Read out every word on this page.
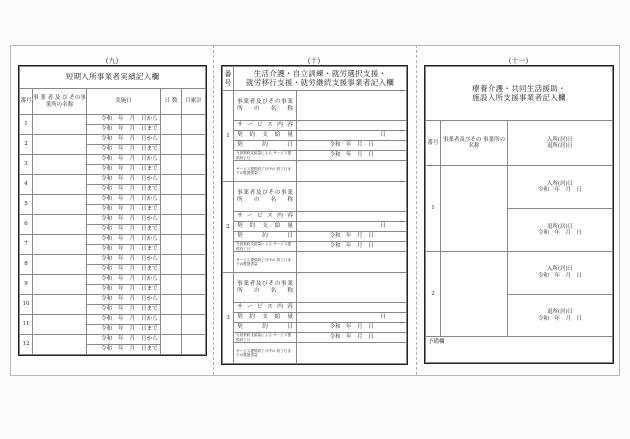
(九)
短期入所事業者実績記入欄				
番号	事 業 者 及 び その事業所の名称	実施日	日 数	月累計
1		令和　年　月　日から		
		令和　年　月　日まで		
2		令和　年　月　日から		
		令和　年　月　日まで		
3		令和　年　月　日から		
		令和　年　月　日まで		
4		令和　年　月　日から		
		令和　年　月　日まで		
5		令和　年　月　日から		
		令和　年　月　日まで		
6		令和　年　月　日から		
		令和　年　月　日まで		
7		令和　年　月　日から		
		令和　年　月　日まで		
8		令和　年　月　日から		
		令和　年　月　日まで		
9		令和　年　月　日から		
		令和　年　月　日まで		
10		令和　年　月　日から		
		令和　年　月　日まで		
11		令和　年　月　日から		
		令和　年　月　日まで		
12		令和　年　月　日から		
		令和　年　月　日まで		
(十)
番号	生活介護・自立訓練・就労選択支援・
就労移行支援・就労継続支援事業者記入欄	

1	事業者及びその事業所の名称	
	サービス内容	
	契約支給量	日
	契約日	令和　年　月　日
	当該契約支給量による サービス提供終了日	令和　年　月　日
	サービス提供終了月中の 終了日までの既提供量	
2	事業者及びその事業所の名称	
	サービス内容	
	契約支給量	日
	契約日	令和　年　月　日
	当該契約支給量による サービス提供終了日	令和　年　月　日
	サービス提供終了月中の 終了日までの既提供量	
3	事業者及びその事業所の名称	
	サービス内容	
	契約支給量	日
	契約日	令和　年　月　日
	当該契約支給量による サービス提供終了日	令和　年　月　日
	サービス提供終了月中の 終了日までの既提供量	
(十一)
療養介護・共同生活援助・
施設入所支援事業者記入欄		

番号	事業者及びその 事業所の名称	入所(居)日
退所(居)日

1		入所(居)日
令和　年　月　日

		退所(居)日
令和　年　月　日

2		入所(居)日
令和　年　月　日

		退所(居)日
令和　年　月　日

予備欄		
